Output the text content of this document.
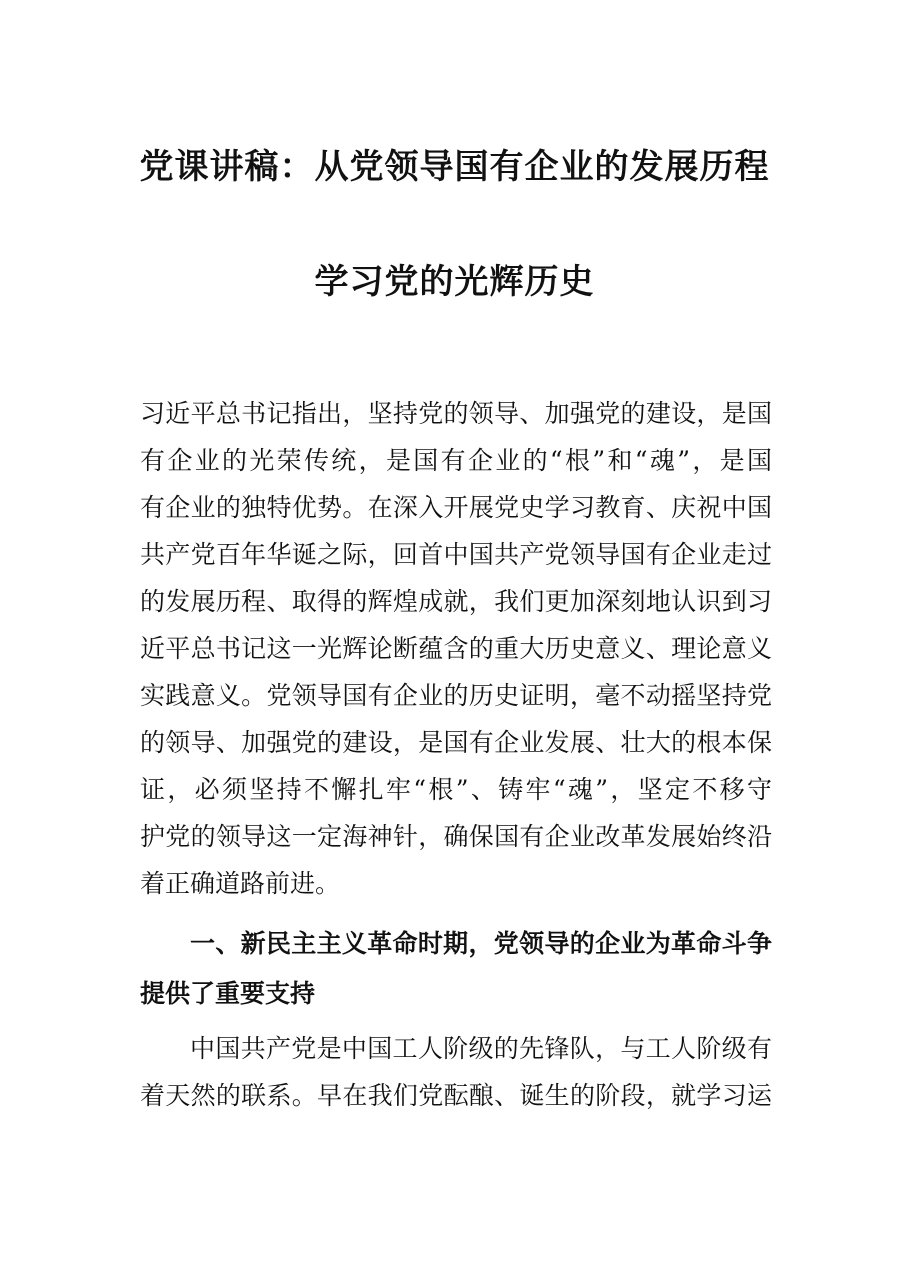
党课讲稿：从党领导国有企业的发展历程
学习党的光辉历史
习近平总书记指出，坚持党的领导、加强党的建设，是国
有企业的光荣传统，是国有企业的“根”和“魂”，是国
有企业的独特优势。在深入开展党史学习教育、庆祝中国
共产党百年华诞之际，回首中国共产党领导国有企业走过
的发展历程、取得的辉煌成就，我们更加深刻地认识到习
近平总书记这一光辉论断蕴含的重大历史意义、理论意义
实践意义。党领导国有企业的历史证明，毫不动摇坚持党
的领导、加强党的建设，是国有企业发展、壮大的根本保
证，必须坚持不懈扎牢“根”、铸牢“魂”，坚定不移守
护党的领导这一定海神针，确保国有企业改革发展始终沿
着正确道路前进。
一、新民主主义革命时期，党领导的企业为革命斗争
提供了重要支持
中国共产党是中国工人阶级的先锋队，与工人阶级有
着天然的联系。早在我们党酝酿、诞生的阶段，就学习运
